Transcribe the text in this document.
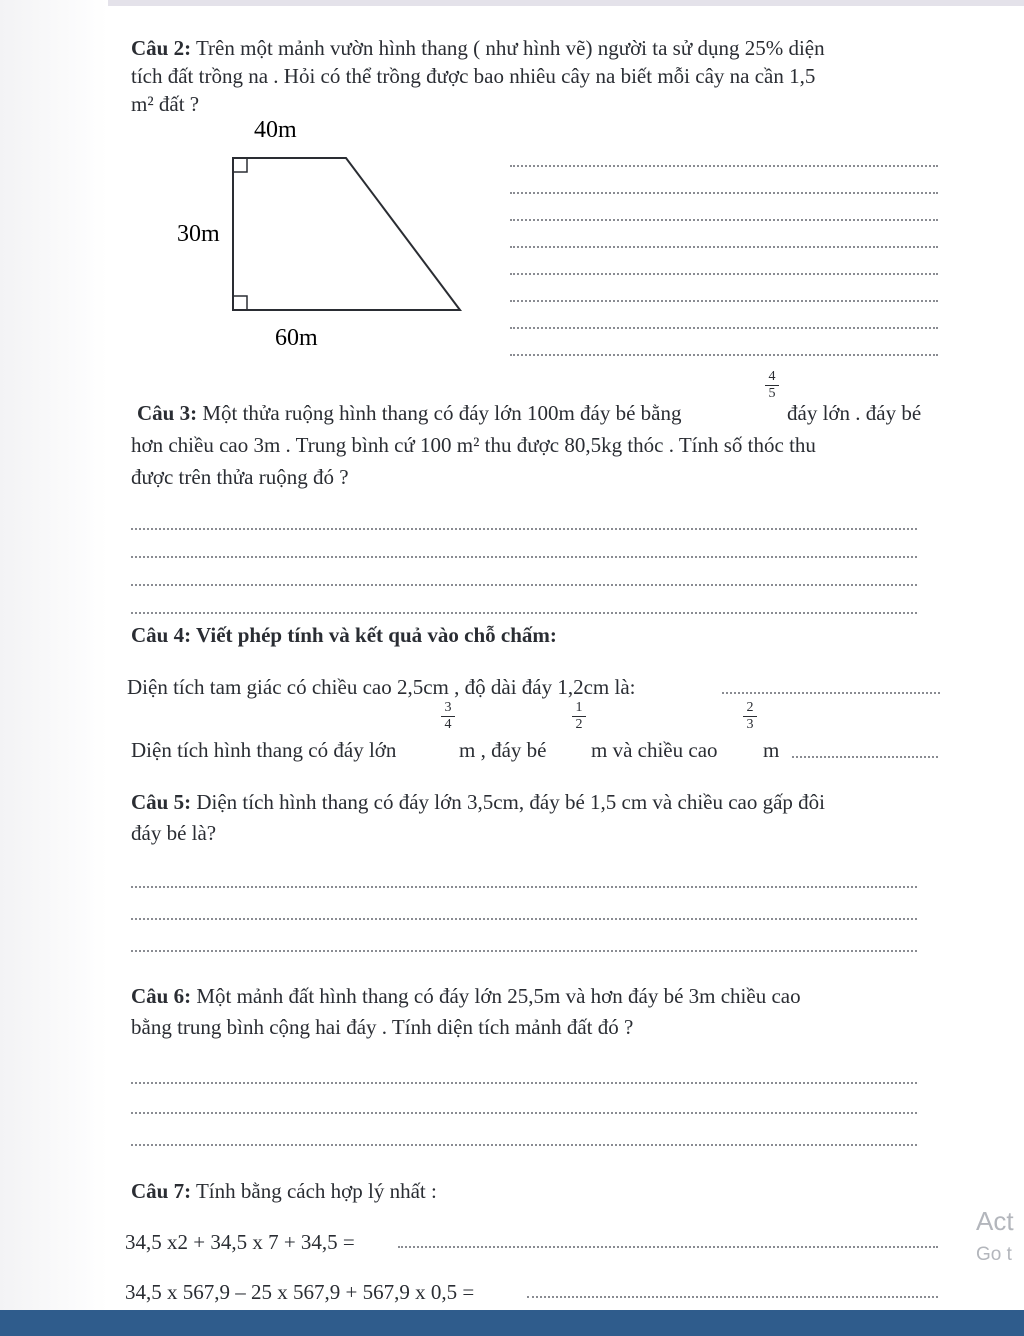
Câu 2: Trên một mảnh vườn hình thang ( như hình vẽ) người ta sử dụng 25% diện
tích đất trồng na . Hỏi có thể trồng được bao nhiêu cây na biết mỗi cây na cần 1,5
m² đất ?
40m
30m
60m
Câu 3: Một thửa ruộng hình thang có đáy lớn 100m đáy bé bằng
$\frac{4}{5}$
đáy lớn . đáy bé
hơn chiều cao 3m . Trung bình cứ 100 m² thu được 80,5kg thóc . Tính số thóc thu
được trên thửa ruộng đó ?
Câu 4: Viết phép tính và kết quả vào chỗ chấm:
Diện tích tam giác có chiều cao 2,5cm , độ dài đáy 1,2cm là:
Diện tích hình thang có đáy lớn
$\frac{3}{4}$
m , đáy bé
$\frac{1}{2}$
m và chiều cao
$\frac{2}{3}$
m
Câu 5: Diện tích hình thang có đáy lớn 3,5cm, đáy bé 1,5 cm và chiều cao gấp đôi
đáy bé là?
Câu 6: Một mảnh đất hình thang có đáy lớn 25,5m và hơn đáy bé 3m chiều cao
bằng trung bình cộng hai đáy . Tính diện tích mảnh đất đó ?
Câu 7: Tính bằng cách hợp lý nhất :
34,5 x2 + 34,5 x 7 + 34,5 =
34,5 x 567,9 – 25 x 567,9 + 567,9 x 0,5 =
Act
Go t
